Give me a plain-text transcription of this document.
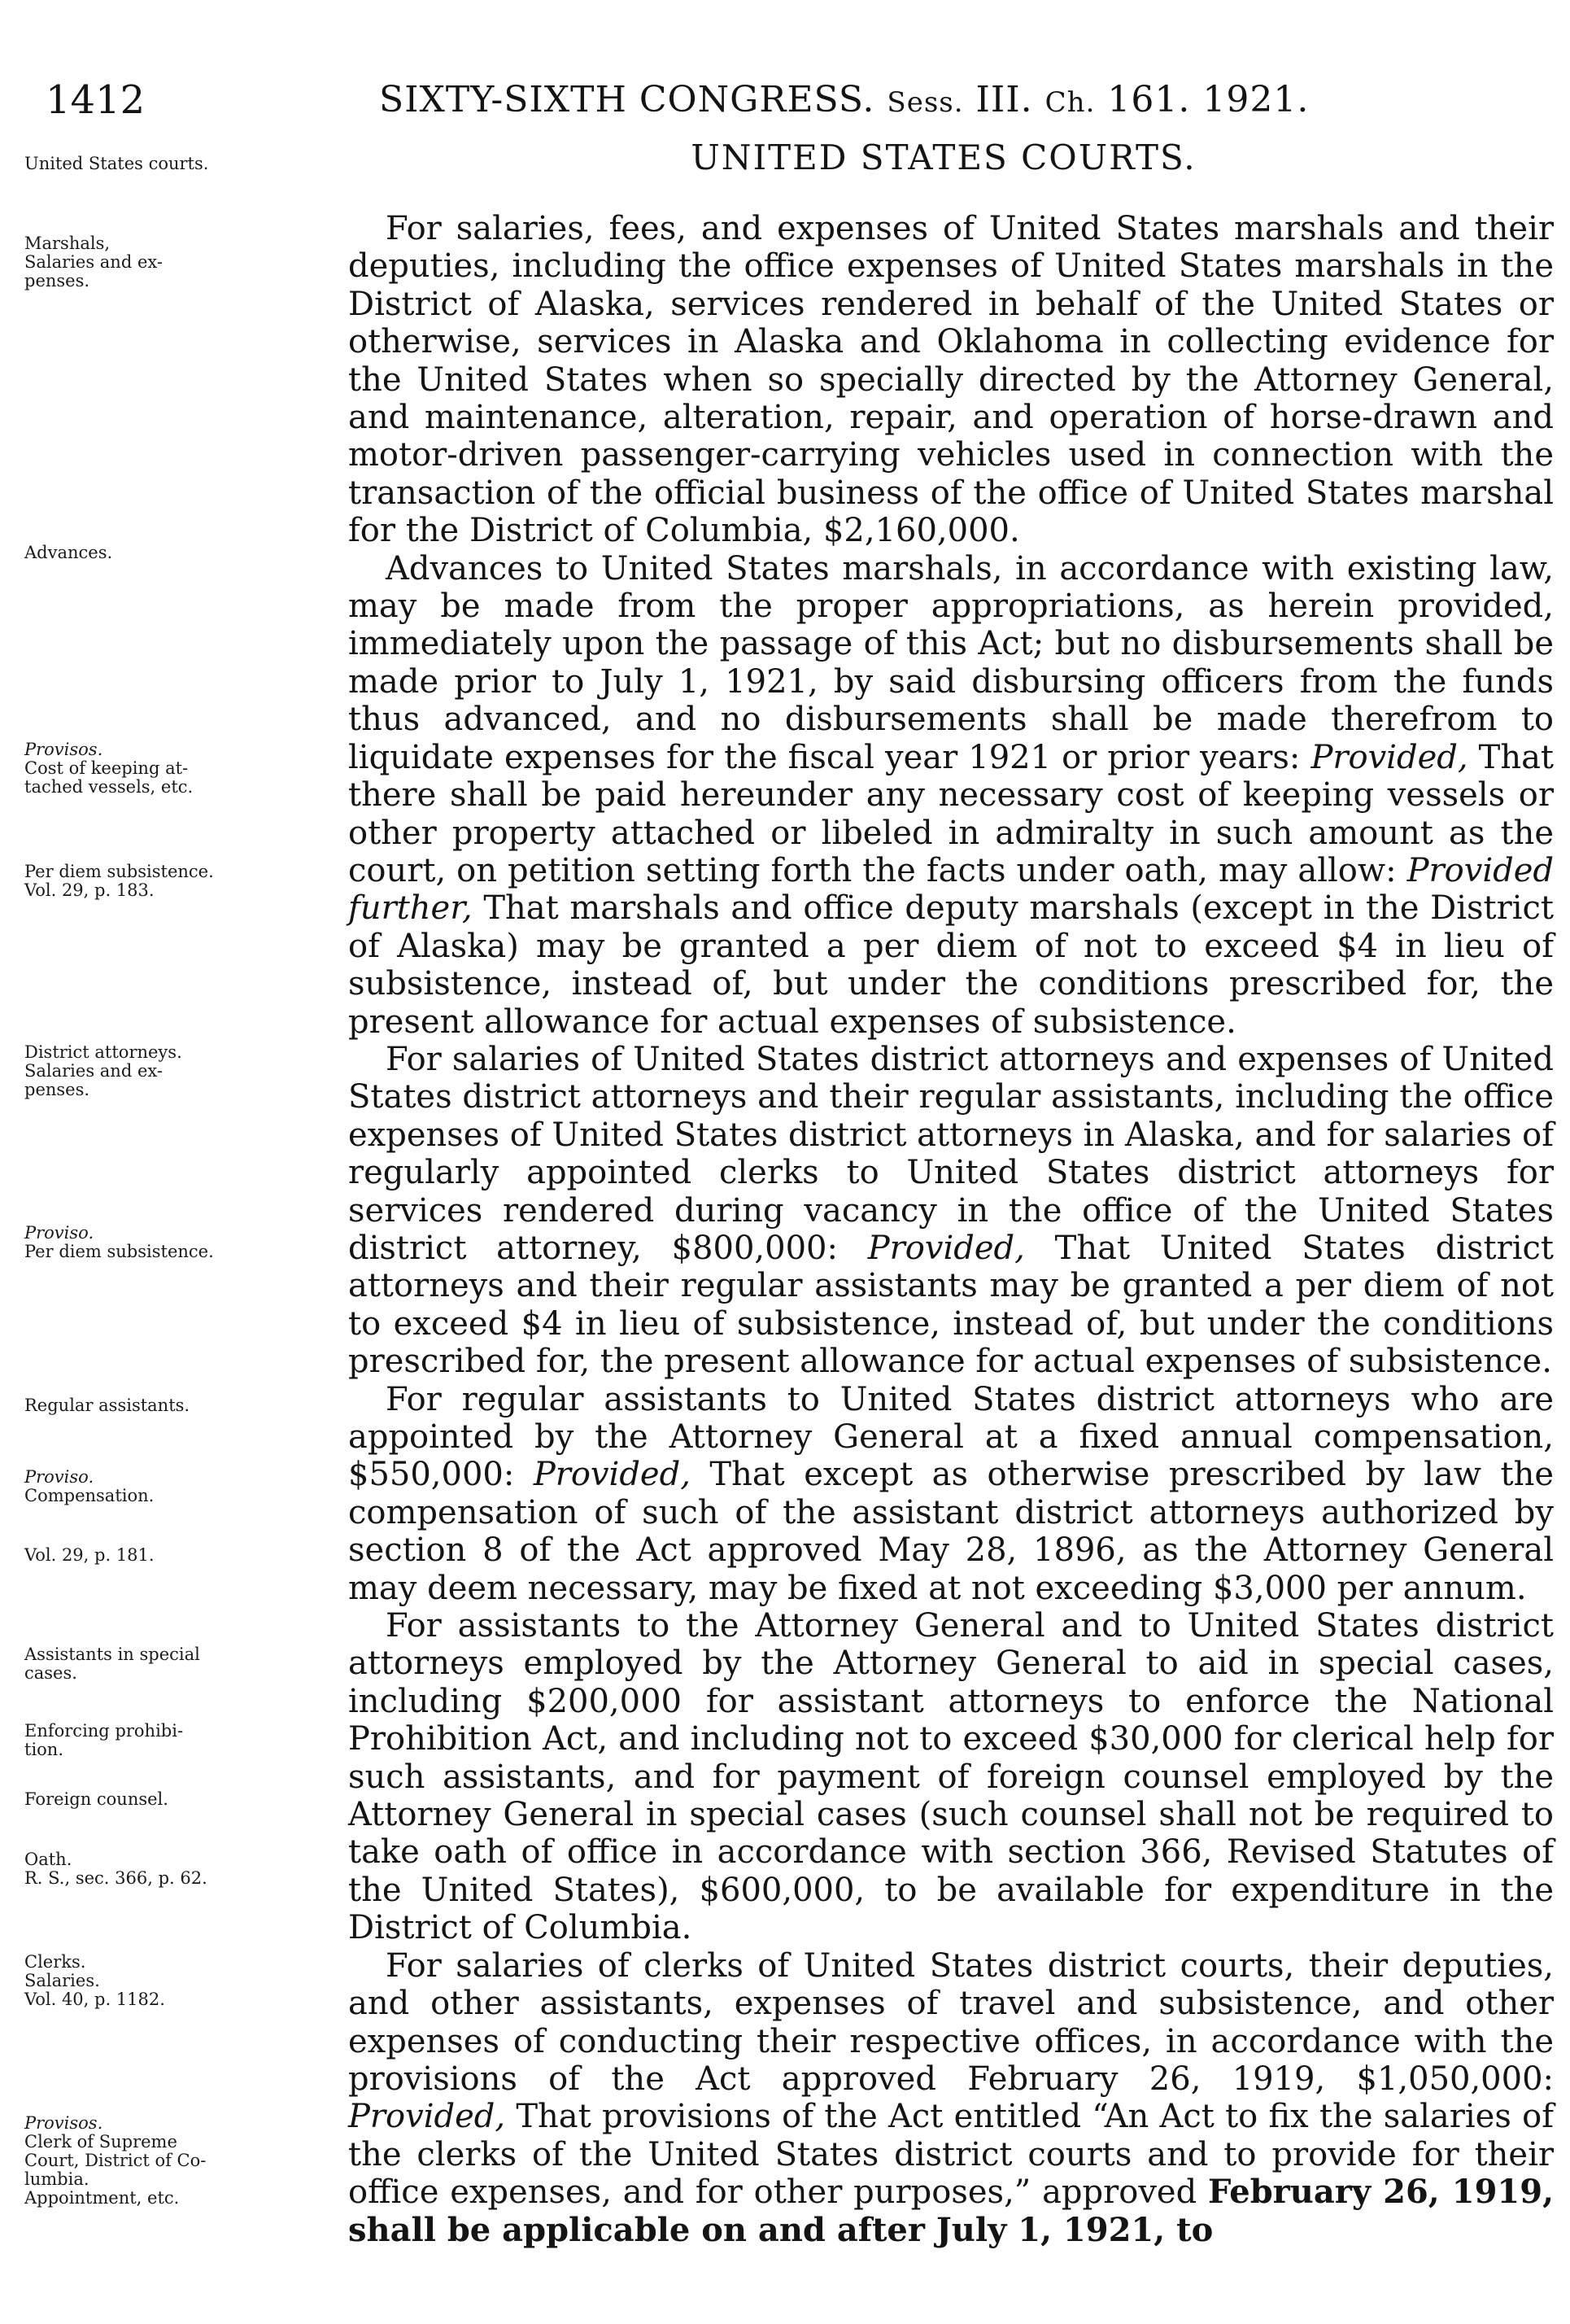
1412	SIXTY-SIXTH CONGRESS. Sess. III. Ch. 161. 1921.
UNITED STATES COURTS.
United States courts.
Marshals,
Salaries and ex-
penses.
Advances.
Provisos.
Cost of keeping at-
tached vessels, etc.
Per diem subsistence.
Vol. 29, p. 183.
District attorneys.
Salaries and ex-
penses.
Proviso.
Per diem subsistence.
Regular assistants.
Proviso.
Compensation.
Vol. 29, p. 181.
Assistants in special
cases.
Enforcing prohibi-
tion.
Foreign counsel.
Oath.
R. S., sec. 366, p. 62.
Clerks.
Salaries.
Vol. 40, p. 1182.
Provisos.
Clerk of Supreme
Court, District of Co-
lumbia.
Appointment, etc.

For salaries, fees, and expenses of United States marshals and their deputies, including the office expenses of United States marshals in the District of Alaska, services rendered in behalf of the United States or otherwise, services in Alaska and Oklahoma in collecting evidence for the United States when so specially directed by the Attorney General, and maintenance, alteration, repair, and operation of horse-drawn and motor-driven passenger-carrying vehicles used in connection with the transaction of the official business of the office of United States marshal for the District of Columbia, $2,160,000.

Advances to United States marshals, in accordance with existing law, may be made from the proper appropriations, as herein provided, immediately upon the passage of this Act; but no disbursements shall be made prior to July 1, 1921, by said disbursing officers from the funds thus advanced, and no disbursements shall be made therefrom to liquidate expenses for the fiscal year 1921 or prior years: Provided, That there shall be paid hereunder any necessary cost of keeping vessels or other property attached or libeled in admiralty in such amount as the court, on petition setting forth the facts under oath, may allow: Provided further, That marshals and office deputy marshals (except in the District of Alaska) may be granted a per diem of not to exceed $4 in lieu of subsistence, instead of, but under the conditions prescribed for, the present allowance for actual expenses of subsistence.

For salaries of United States district attorneys and expenses of United States district attorneys and their regular assistants, including the office expenses of United States district attorneys in Alaska, and for salaries of regularly appointed clerks to United States district attorneys for services rendered during vacancy in the office of the United States district attorney, $800,000: Provided, That United States district attorneys and their regular assistants may be granted a per diem of not to exceed $4 in lieu of subsistence, instead of, but under the conditions prescribed for, the present allowance for actual expenses of subsistence.

For regular assistants to United States district attorneys who are appointed by the Attorney General at a fixed annual compensation, $550,000: Provided, That except as otherwise prescribed by law the compensation of such of the assistant district attorneys authorized by section 8 of the Act approved May 28, 1896, as the Attorney General may deem necessary, may be fixed at not exceeding $3,000 per annum.

For assistants to the Attorney General and to United States district attorneys employed by the Attorney General to aid in special cases, including $200,000 for assistant attorneys to enforce the National Prohibition Act, and including not to exceed $30,000 for clerical help for such assistants, and for payment of foreign counsel employed by the Attorney General in special cases (such counsel shall not be required to take oath of office in accordance with section 366, Revised Statutes of the United States), $600,000, to be available for expenditure in the District of Columbia.

For salaries of clerks of United States district courts, their deputies, and other assistants, expenses of travel and subsistence, and other expenses of conducting their respective offices, in accordance with the provisions of the Act approved February 26, 1919, $1,050,000: Provided, That provisions of the Act entitled “An Act to fix the salaries of the clerks of the United States district courts and to provide for their office expenses, and for other purposes,” approved February 26, 1919, shall be applicable on and after July 1, 1921, to
